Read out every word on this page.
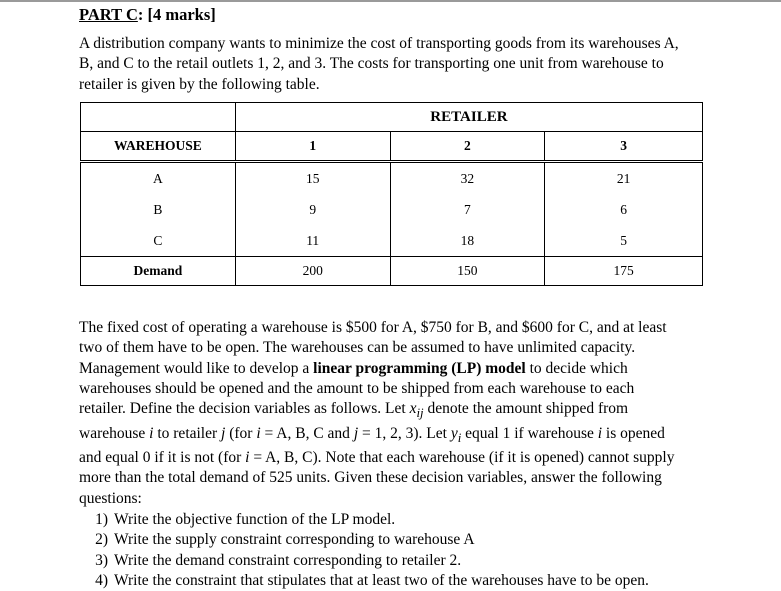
PART C: [4 marks]

A distribution company wants to minimize the cost of transporting goods from its warehouses A,
B, and C to the retail outlets 1, 2, and 3. The costs for transporting one unit from warehouse to
retailer is given by the following table.

	RETAILER		
WAREHOUSE	1	2	3
A	15	32	21
B	9	7	6
C	11	18	5
Demand	200	150	175

The fixed cost of operating a warehouse is $500 for A, $750 for B, and $600 for C, and at least
two of them have to be open. The warehouses can be assumed to have unlimited capacity.
Management would like to develop a linear programming (LP) model to decide which
warehouses should be opened and the amount to be shipped from each warehouse to each
retailer. Define the decision variables as follows. Let $x_{ij}$ denote the amount shipped from
warehouse i to retailer j (for i = A, B, C and j = 1, 2, 3). Let $y_i$ equal 1 if warehouse i is opened
and equal 0 if it is not (for i = A, B, C). Note that each warehouse (if it is opened) cannot supply
more than the total demand of 525 units. Given these decision variables, answer the following
questions:

1) Write the objective function of the LP model.
2) Write the supply constraint corresponding to warehouse A
3) Write the demand constraint corresponding to retailer 2.
4) Write the constraint that stipulates that at least two of the warehouses have to be open.
